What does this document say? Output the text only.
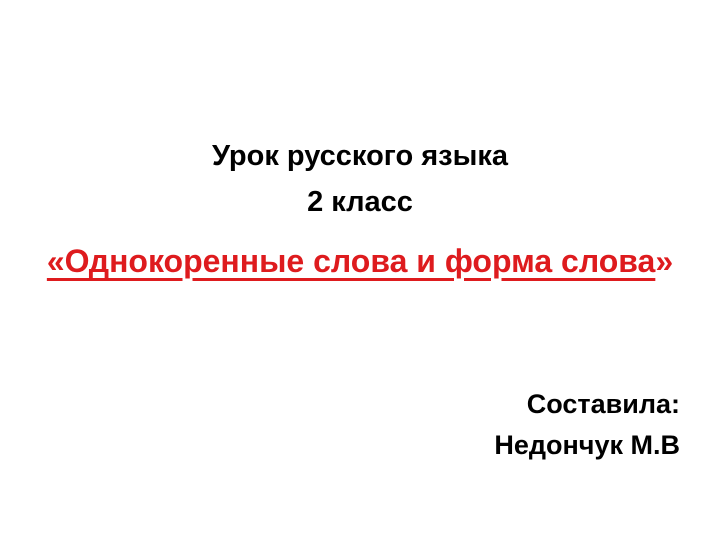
Урок русского языка

2 класс

«Однокоренные слова и форма слова»

Составила:

Недончук М.В
